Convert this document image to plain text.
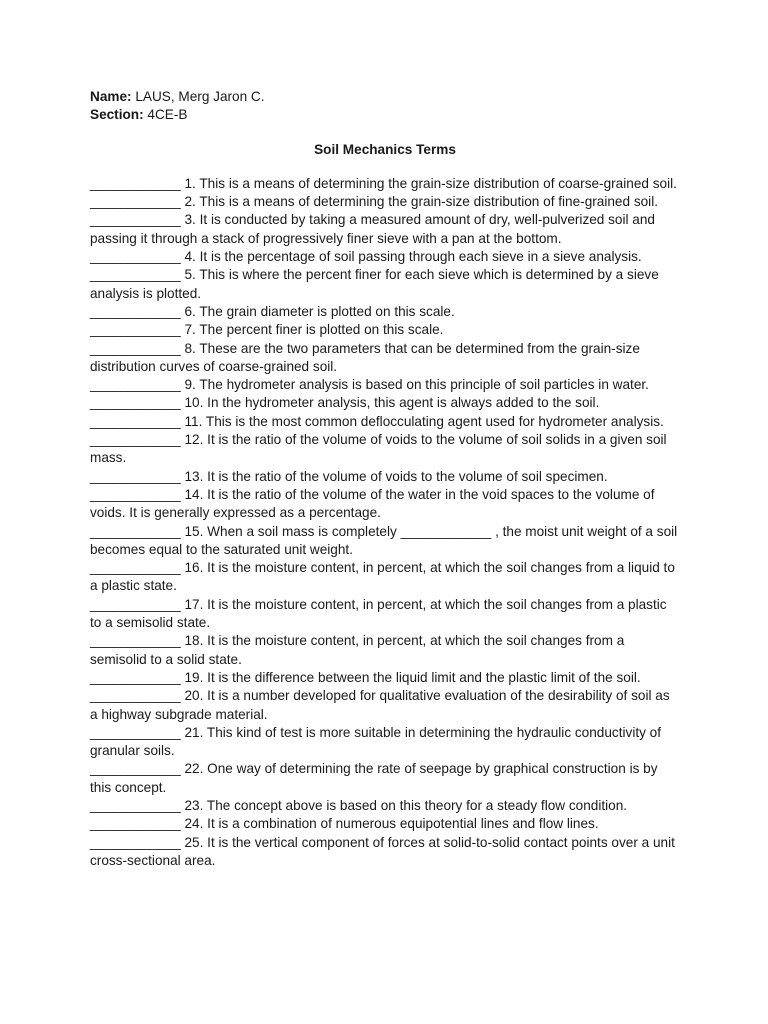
Name: LAUS, Merg Jaron C.
Section: 4CE-B
Soil Mechanics Terms
____________ 1. This is a means of determining the grain-size distribution of coarse-grained soil.
____________ 2. This is a means of determining the grain-size distribution of fine-grained soil.
____________ 3. It is conducted by taking a measured amount of dry, well-pulverized soil and passing it through a stack of progressively finer sieve with a pan at the bottom.
____________ 4. It is the percentage of soil passing through each sieve in a sieve analysis.
____________ 5. This is where the percent finer for each sieve which is determined by a sieve analysis is plotted.
____________ 6. The grain diameter is plotted on this scale.
____________ 7. The percent finer is plotted on this scale.
____________ 8. These are the two parameters that can be determined from the grain-size distribution curves of coarse-grained soil.
____________ 9. The hydrometer analysis is based on this principle of soil particles in water.
____________ 10. In the hydrometer analysis, this agent is always added to the soil.
____________ 11. This is the most common deflocculating agent used for hydrometer analysis.
____________ 12. It is the ratio of the volume of voids to the volume of soil solids in a given soil mass.
____________ 13. It is the ratio of the volume of voids to the volume of soil specimen.
____________ 14. It is the ratio of the volume of the water in the void spaces to the volume of voids. It is generally expressed as a percentage.
____________ 15. When a soil mass is completely ____________ , the moist unit weight of a soil becomes equal to the saturated unit weight.
____________ 16. It is the moisture content, in percent, at which the soil changes from a liquid to a plastic state.
____________ 17. It is the moisture content, in percent, at which the soil changes from a plastic to a semisolid state.
____________ 18. It is the moisture content, in percent, at which the soil changes from a semisolid to a solid state.
____________ 19. It is the difference between the liquid limit and the plastic limit of the soil.
____________ 20. It is a number developed for qualitative evaluation of the desirability of soil as a highway subgrade material.
____________ 21. This kind of test is more suitable in determining the hydraulic conductivity of granular soils.
____________ 22. One way of determining the rate of seepage by graphical construction is by this concept.
____________ 23. The concept above is based on this theory for a steady flow condition.
____________ 24. It is a combination of numerous equipotential lines and flow lines.
____________ 25. It is the vertical component of forces at solid-to-solid contact points over a unit cross-sectional area.
